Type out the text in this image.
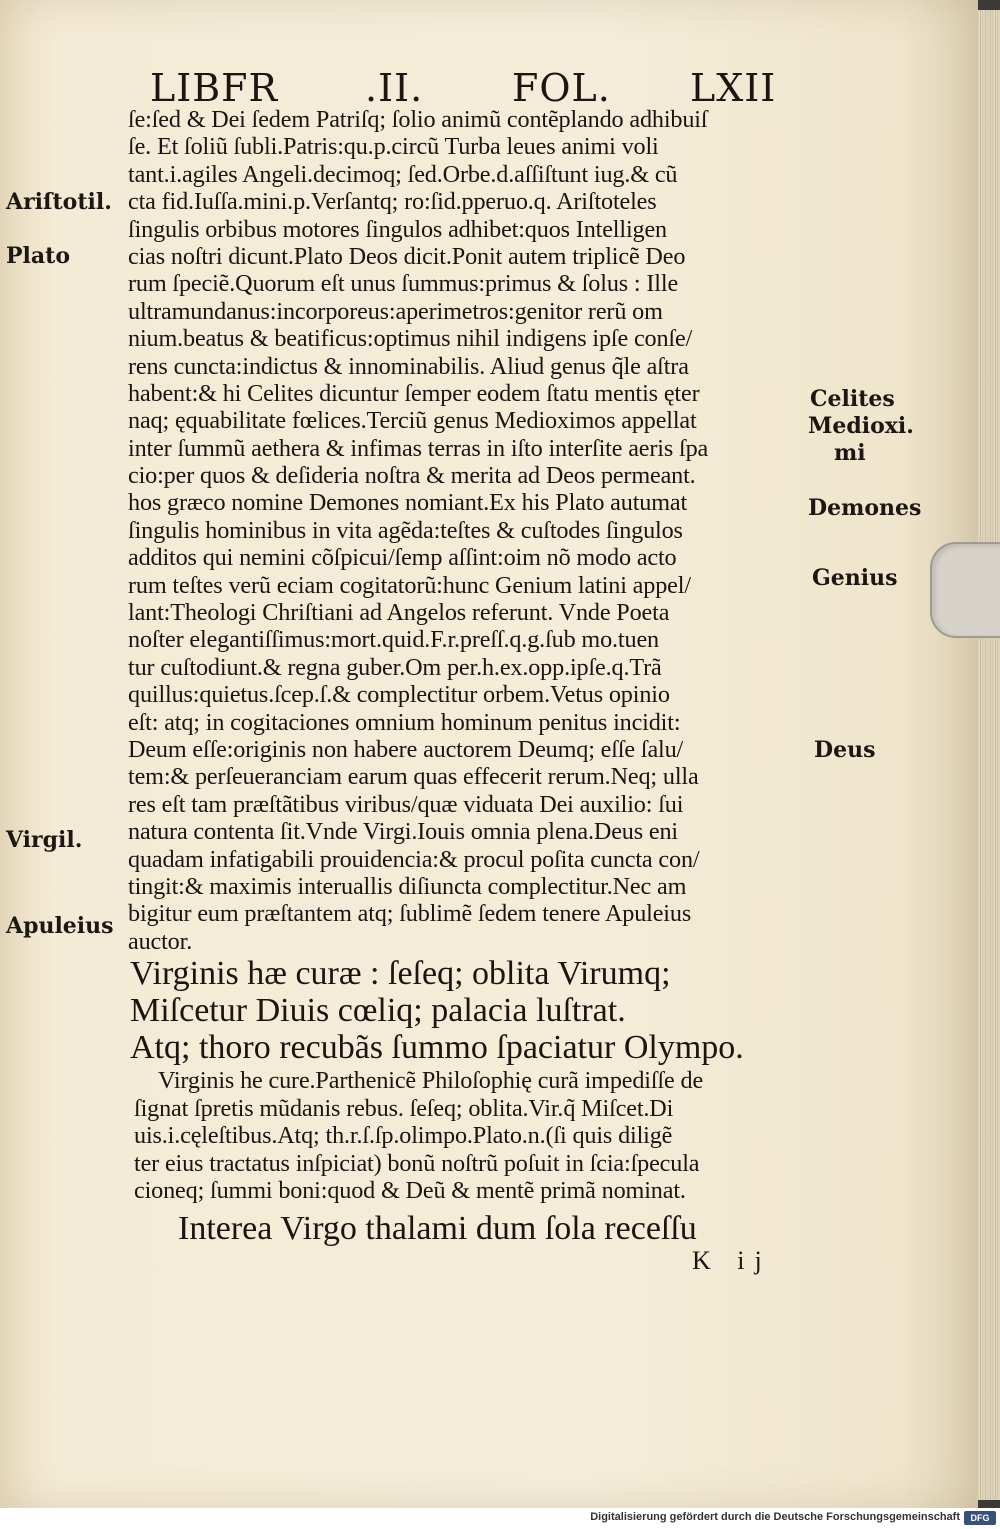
LIBFR .II. FOL. LXII
ſe:ſed & Dei ſedem Patriſq; ſolio animũ contẽplando adhibuiſ
ſe. Et ſoliũ ſubli.Patris:qu.p.circũ Turba leues animi voli
tant.i.agiles Angeli.decimoq; ſed.Orbe.d.aſſiſtunt iug.& cũ
cta fid.Iuſſa.mini.p.Verſantq; ro:ſid.pperuo.q. Ariſtoteles
ſingulis orbibus motores ſingulos adhibet:quos Intelligen
cias noſtri dicunt.Plato Deos dicit.Ponit autem triplicẽ Deo
rum ſpeciẽ.Quorum eſt unus ſummus:primus & ſolus : Ille
ultramundanus:incorporeus:aperimetros:genitor rerũ om
nium.beatus & beatificus:optimus nihil indigens ipſe conſe/
rens cuncta:indictus & innominabilis. Aliud genus q̃le aſtra
habent:& hi Celites dicuntur ſemper eodem ſtatu mentis ęter
naq; ęquabilitate fœlices.Terciũ genus Medioximos appellat
inter ſummũ aethera & infimas terras in iſto interſite aeris ſpa
cio:per quos & deſideria noſtra & merita ad Deos permeant.
hos græco nomine Demones nomiant.Ex his Plato autumat
ſingulis hominibus in vita agẽda:teſtes & cuſtodes ſingulos
additos qui nemini cõſpicui/ſemp aſſint:oim nõ modo acto
rum teſtes verũ eciam cogitatorũ:hunc Genium latini appel/
lant:Theologi Chriſtiani ad Angelos referunt. Vnde Poeta
noſter elegantiſſimus:mort.quid.F.r.preſſ.q.g.ſub mo.tuen
tur cuſtodiunt.& regna guber.Om per.h.ex.opp.ipſe.q.Trã
quillus:quietus.ſcep.ſ.& complectitur orbem.Vetus opinio
eſt: atq; in cogitaciones omnium hominum penitus incidit:
Deum eſſe:originis non habere auctorem Deumq; eſſe ſalu/
tem:& perſeueranciam earum quas effecerit rerum.Neq; ulla
res eſt tam præſtãtibus viribus/quæ viduata Dei auxilio: ſui
natura contenta ſit.Vnde Virgi.Iouis omnia plena.Deus eni
quadam infatigabili prouidencia:& procul poſita cuncta con/
tingit:& maximis interuallis diſiuncta complectitur.Nec am
bigitur eum præſtantem atq; ſublimẽ ſedem tenere Apuleius
auctor.
Virginis hæ curæ : ſeſeq; oblita Virumq;
Miſcetur Diuis cœliq; palacia luſtrat.
Atq; thoro recubãs ſummo ſpaciatur Olympo.
Virginis he cure.Parthenicẽ Philoſophię curã impediſſe de
ſignat ſpretis mũdanis rebus. ſeſeq; oblita.Vir.q̃ Miſcet.Di
uis.i.cęleſtibus.Atq; th.r.ſ.ſp.olimpo.Plato.n.(ſi quis diligẽ
ter eius tractatus inſpiciat) bonũ noſtrũ poſuit in ſcia:ſpecula
cioneq; ſummi boni:quod & Deũ & mentẽ primã nominat.
Interea Virgo thalami dum ſola receſſu
K ij
Ariſtotil.
Plato
Celites
Medioxi.
mi
Demones
Genius
Deus
Virgil.
Apuleius
Digitalisierung gefördert durch die Deutsche Forschungsgemeinschaft	DFG
